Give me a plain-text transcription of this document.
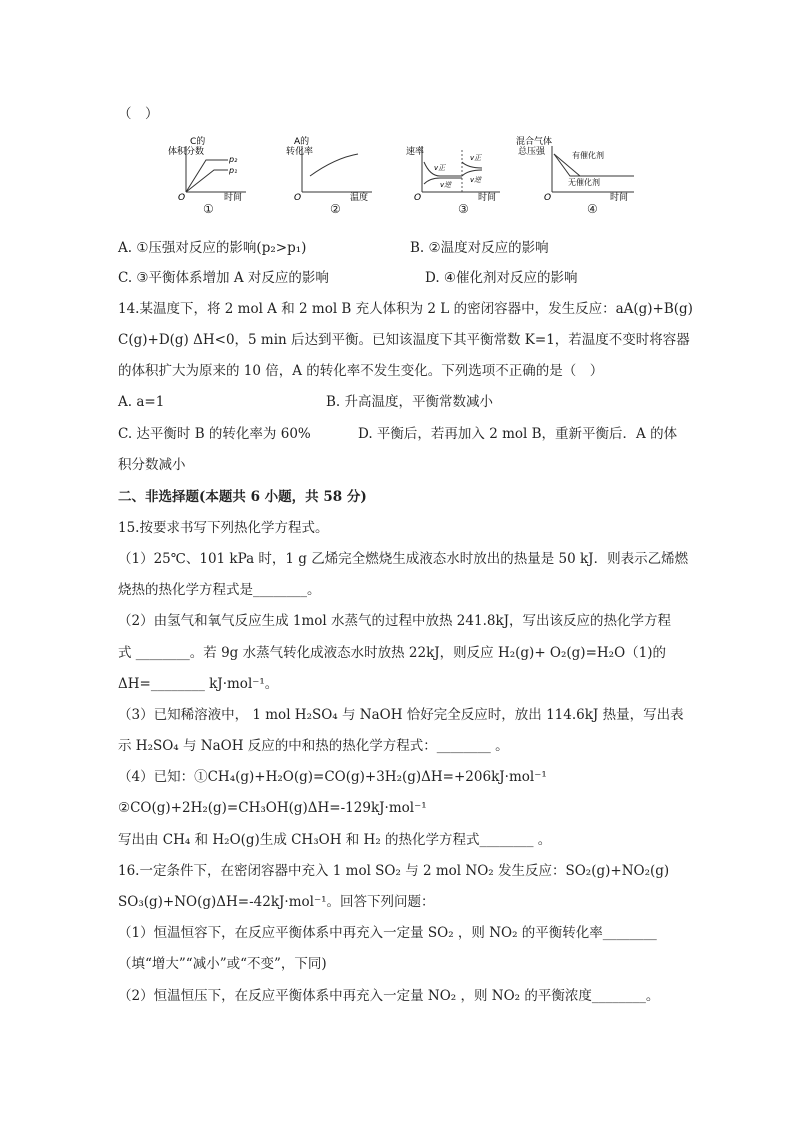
（　）
C的
体积分数
p₂
p₁
O	时间
①
A的
转化率
O	温度
②
速率
v正
v逆
v正
v逆
O	时间
③
混合气体
总压强	有催化剂
无催化剂
O	时间
④
A. ①压强对反应的影响(p₂>p₁)	B. ②温度对反应的影响
C. ③平衡体系增加 A 对反应的影响	D. ④催化剂对反应的影响
14.某温度下，将 2 mol A 和 2 mol B 充人体积为 2 L 的密闭容器中，发生反应：aA(g)+B(g)
C(g)+D(g) ΔH<0，5 min 后达到平衡。已知该温度下其平衡常数 K=1，若温度不变时将容器
的体积扩大为原来的 10 倍，A 的转化率不发生变化。下列选项不正确的是（　）
A. a=1	B. 升高温度，平衡常数减小
C. 达平衡时 B 的转化率为 60%	D. 平衡后，若再加入 2 mol B，重新平衡后．A 的体
积分数减小
二、非选择题(本题共 6 小题，共 58 分)
15.按要求书写下列热化学方程式。
（1）25℃、101 kPa 时，1 g 乙烯完全燃烧生成液态水时放出的热量是 50 kJ．则表示乙烯燃
烧热的热化学方程式是________。
（2）由氢气和氧气反应生成 1mol 水蒸气的过程中放热 241.8kJ，写出该反应的热化学方程
式 ________。若 9g 水蒸气转化成液态水时放热 22kJ，则反应 H₂(g)+ O₂(g)=H₂O（1)的
ΔH=________ kJ·mol⁻¹。
（3）已知稀溶液中， 1 mol H₂SO₄ 与 NaOH 恰好完全反应时，放出 114.6kJ 热量，写出表
示 H₂SO₄ 与 NaOH 反应的中和热的热化学方程式：________ 。
（4）已知：①CH₄(g)+H₂O(g)=CO(g)+3H₂(g)ΔH=+206kJ·mol⁻¹
②CO(g)+2H₂(g)=CH₃OH(g)ΔH=-129kJ·mol⁻¹
写出由 CH₄ 和 H₂O(g)生成 CH₃OH 和 H₂ 的热化学方程式________ 。
16.一定条件下，在密闭容器中充入 1 mol SO₂ 与 2 mol NO₂ 发生反应：SO₂(g)+NO₂(g)
SO₃(g)+NO(g)ΔH=-42kJ·mol⁻¹。回答下列问题：
（1）恒温恒容下，在反应平衡体系中再充入一定量 SO₂ ，则 NO₂ 的平衡转化率________
（填“增大”“减小”或“不变”，下同)
（2）恒温恒压下，在反应平衡体系中再充入一定量 NO₂ ，则 NO₂ 的平衡浓度________。
